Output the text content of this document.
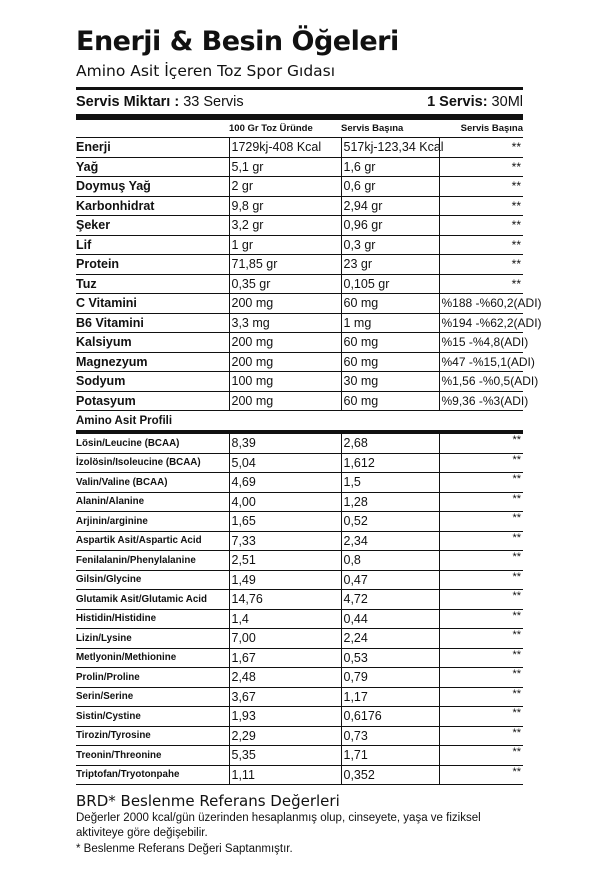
Enerji & Besin Öğeleri
Amino Asit İçeren Toz Spor Gıdası
Servis Miktarı : 33 Servis	1 Servis: 30Ml
	100 Gr Toz Üründe	Servis Başına	Servis Başına
Enerji	1729kj-408 Kcal	517kj-123,34 Kcal	**
Yağ	5,1 gr	1,6 gr	**
Doymuş Yağ	2 gr	0,6 gr	**
Karbonhidrat	9,8 gr	2,94 gr	**
Şeker	3,2 gr	0,96 gr	**
Lif	1 gr	0,3 gr	**
Protein	71,85 gr	23 gr	**
Tuz	0,35 gr	0,105 gr	**
C Vitamini	200 mg	60 mg	%188 -%60,2(ADI)
B6 Vitamini	3,3 mg	1 mg	%194 -%62,2(ADI)
Kalsiyum	200 mg	60 mg	%15 -%4,8(ADI)
Magnezyum	200 mg	60 mg	%47 -%15,1(ADI)
Sodyum	100 mg	30 mg	%1,56 -%0,5(ADI)
Potasyum	200 mg	60 mg	%9,36 -%3(ADI)
Amino Asit Profili			
Lösin/Leucine (BCAA)	8,39	2,68	**
İzolösin/Isoleucine (BCAA)	5,04	1,612	**
Valin/Valine (BCAA)	4,69	1,5	**
Alanin/Alanine	4,00	1,28	**
Arjinin/arginine	1,65	0,52	**
Aspartik Asit/Aspartic Acid	7,33	2,34	**
Fenilalanin/Phenylalanine	2,51	0,8	**
Gilsin/Glycine	1,49	0,47	**
Glutamik Asit/Glutamic Acid	14,76	4,72	**
Histidin/Histidine	1,4	0,44	**
Lizin/Lysine	7,00	2,24	**
Metlyonin/Methionine	1,67	0,53	**
Prolin/Proline	2,48	0,79	**
Serin/Serine	3,67	1,17	**
Sistin/Cystine	1,93	0,6176	**
Tirozin/Tyrosine	2,29	0,73	**
Treonin/Threonine	5,35	1,71	**
Triptofan/Tryotonpahe	1,11	0,352	**
BRD* Beslenme Referans Değerleri
Değerler 2000 kcal/gün üzerinden hesaplanmış olup, cinseyete, yaşa ve fiziksel aktiviteye göre değişebilir.
* Beslenme Referans Değeri Saptanmıştır.
